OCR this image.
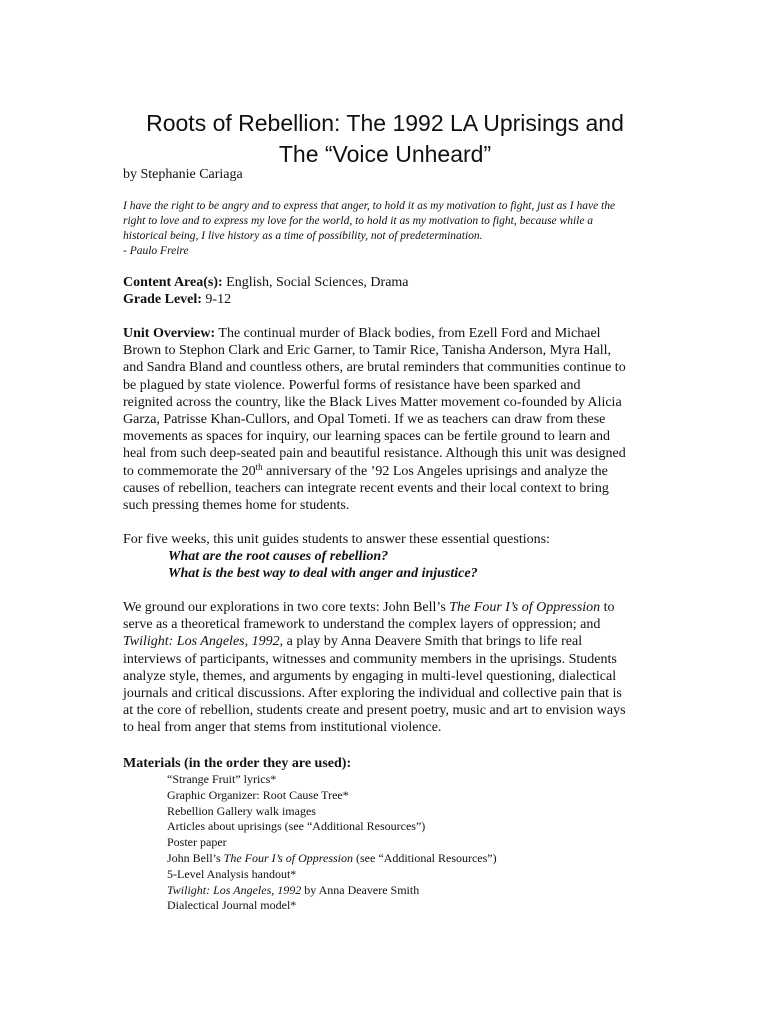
Roots of Rebellion: The 1992 LA Uprisings and
The “Voice Unheard”

by Stephanie Cariaga

I have the right to be angry and to express that anger, to hold it as my motivation to fight, just as I have the
right to love and to express my love for the world, to hold it as my motivation to fight, because while a
historical being, I live history as a time of possibility, not of predetermination.
- Paulo Freire
Content Area(s): English, Social Sciences, Drama
Grade Level: 9-12
Unit Overview: The continual murder of Black bodies, from Ezell Ford and Michael
Brown to Stephon Clark and Eric Garner, to Tamir Rice, Tanisha Anderson, Myra Hall,
and Sandra Bland and countless others, are brutal reminders that communities continue to
be plagued by state violence. Powerful forms of resistance have been sparked and
reignited across the country, like the Black Lives Matter movement co-founded by Alicia
Garza, Patrisse Khan-Cullors, and Opal Tometi. If we as teachers can draw from these
movements as spaces for inquiry, our learning spaces can be fertile ground to learn and
heal from such deep-seated pain and beautiful resistance. Although this unit was designed
to commemorate the 20th anniversary of the ’92 Los Angeles uprisings and analyze the
causes of rebellion, teachers can integrate recent events and their local context to bring
such pressing themes home for students.
For five weeks, this unit guides students to answer these essential questions:
What are the root causes of rebellion?
What is the best way to deal with anger and injustice?
We ground our explorations in two core texts: John Bell’s The Four I’s of Oppression to
serve as a theoretical framework to understand the complex layers of oppression; and
Twilight: Los Angeles, 1992, a play by Anna Deavere Smith that brings to life real
interviews of participants, witnesses and community members in the uprisings. Students
analyze style, themes, and arguments by engaging in multi-level questioning, dialectical
journals and critical discussions. After exploring the individual and collective pain that is
at the core of rebellion, students create and present poetry, music and art to envision ways
to heal from anger that stems from institutional violence.

Materials (in the order they are used):

“Strange Fruit” lyrics*
Graphic Organizer: Root Cause Tree*
Rebellion Gallery walk images
Articles about uprisings (see “Additional Resources”)
Poster paper
John Bell’s The Four I’s of Oppression (see “Additional Resources”)
5-Level Analysis handout*
Twilight: Los Angeles, 1992 by Anna Deavere Smith
Dialectical Journal model*
